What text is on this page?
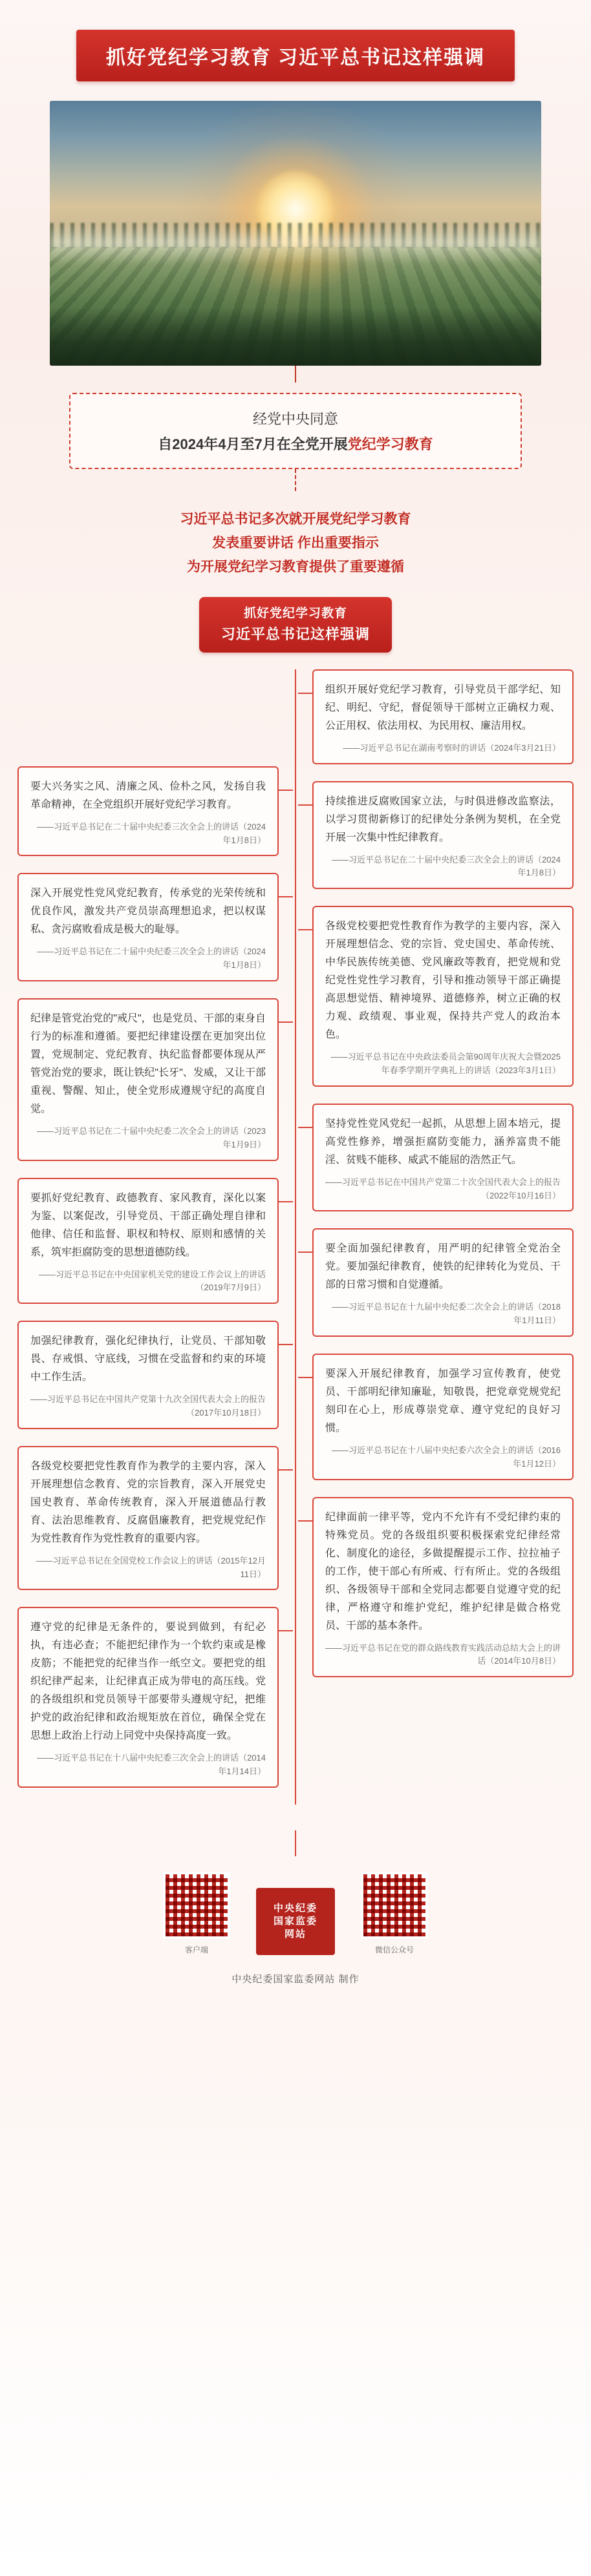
抓好党纪学习教育 习近平总书记这样强调
经党中央同意
自2024年4月至7月在全党开展党纪学习教育
习近平总书记多次就开展党纪学习教育
发表重要讲话 作出重要指示
为开展党纪学习教育提供了重要遵循
抓好党纪学习教育
习近平总书记这样强调
要大兴务实之风、清廉之风、俭朴之风，发扬自我革命精神，在全党组织开展好党纪学习教育。
——习近平总书记在二十届中央纪委三次全会上的讲话（2024年1月8日）
深入开展党性党风党纪教育，传承党的光荣传统和优良作风，激发共产党员崇高理想追求，把以权谋私、贪污腐败看成是极大的耻辱。
——习近平总书记在二十届中央纪委三次全会上的讲话（2024年1月8日）
纪律是管党治党的"戒尺"，也是党员、干部的束身自行为的标准和遵循。要把纪律建设摆在更加突出位置，党规制定、党纪教育、执纪监督都要体现从严管党治党的要求，既让铁纪"长牙"、发威，又让干部重视、警醒、知止，使全党形成遵规守纪的高度自觉。
——习近平总书记在二十届中央纪委二次全会上的讲话（2023年1月9日）
要抓好党纪教育、政德教育、家风教育，深化以案为鉴、以案促改，引导党员、干部正确处理自律和他律、信任和监督、职权和特权、原则和感情的关系，筑牢拒腐防变的思想道德防线。
——习近平总书记在中央国家机关党的建设工作会议上的讲话（2019年7月9日）
加强纪律教育，强化纪律执行，让党员、干部知敬畏、存戒惧、守底线，习惯在受监督和约束的环境中工作生活。
——习近平总书记在中国共产党第十九次全国代表大会上的报告（2017年10月18日）
各级党校要把党性教育作为教学的主要内容，深入开展理想信念教育、党的宗旨教育，深入开展党史国史教育、革命传统教育，深入开展道德品行教育、法治思维教育、反腐倡廉教育，把党规党纪作为党性教育作为党性教育的重要内容。
——习近平总书记在全国党校工作会议上的讲话（2015年12月11日）
遵守党的纪律是无条件的，要说到做到，有纪必执，有违必查；不能把纪律作为一个软约束或是橡皮筋；不能把党的纪律当作一纸空文。要把党的组织纪律严起来，让纪律真正成为带电的高压线。党的各级组织和党员领导干部要带头遵规守纪，把维护党的政治纪律和政治规矩放在首位，确保全党在思想上政治上行动上同党中央保持高度一致。
——习近平总书记在十八届中央纪委三次全会上的讲话（2014年1月14日）
组织开展好党纪学习教育，引导党员干部学纪、知纪、明纪、守纪，督促领导干部树立正确权力观、公正用权、依法用权、为民用权、廉洁用权。
——习近平总书记在湖南考察时的讲话（2024年3月21日）
持续推进反腐败国家立法，与时俱进修改监察法，以学习贯彻新修订的纪律处分条例为契机，在全党开展一次集中性纪律教育。
——习近平总书记在二十届中央纪委三次全会上的讲话（2024年1月8日）
各级党校要把党性教育作为教学的主要内容，深入开展理想信念、党的宗旨、党史国史、革命传统、中华民族传统美德、党风廉政等教育，把党规和党纪党性党性学习教育，引导和推动领导干部正确提高思想觉悟、精神境界、道德修养，树立正确的权力观、政绩观、事业观，保持共产党人的政治本色。
——习近平总书记在中央政法委员会第90周年庆祝大会暨2025年春季学期开学典礼上的讲话（2023年3月1日）
坚持党性党风党纪一起抓，从思想上固本培元，提高党性修养，增强拒腐防变能力，涵养富贵不能淫、贫贱不能移、威武不能屈的浩然正气。
——习近平总书记在中国共产党第二十次全国代表大会上的报告（2022年10月16日）
要全面加强纪律教育，用严明的纪律管全党治全党。要加强纪律教育，使铁的纪律转化为党员、干部的日常习惯和自觉遵循。
——习近平总书记在十九届中央纪委二次全会上的讲话（2018年1月11日）
要深入开展纪律教育，加强学习宣传教育，使党员、干部明纪律知廉耻，知敬畏，把党章党规党纪刻印在心上，形成尊崇党章、遵守党纪的良好习惯。
——习近平总书记在十八届中央纪委六次全会上的讲话（2016年1月12日）
纪律面前一律平等，党内不允许有不受纪律约束的特殊党员。党的各级组织要积极探索党纪律经常化、制度化的途径，多做提醒提示工作、拉拉袖子的工作，使干部心有所戒、行有所止。党的各级组织、各级领导干部和全党同志都要自觉遵守党的纪律，严格遵守和维护党纪，维护纪律是做合格党员、干部的基本条件。
——习近平总书记在党的群众路线教育实践活动总结大会上的讲话（2014年10月8日）
客户端
中央纪委
国家监委
网站
微信公众号
中央纪委国家监委网站 制作
